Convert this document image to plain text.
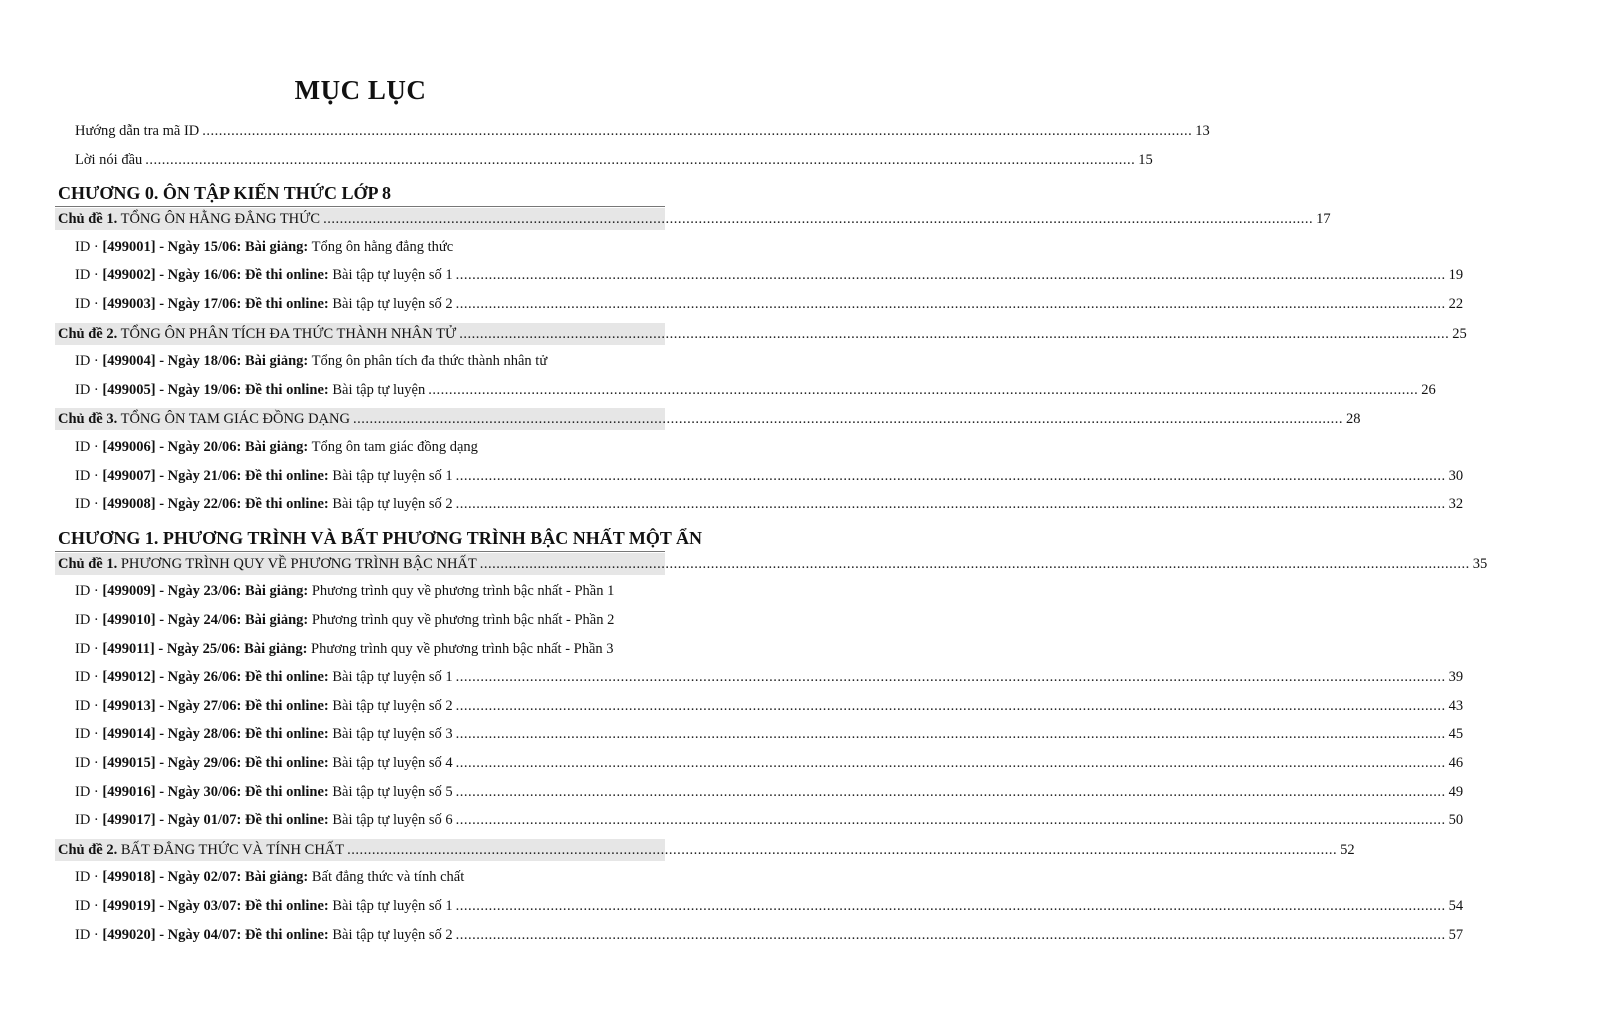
MỤC LỤC
Hướng dẫn tra mã ID .....	13
Lời nói đầu .....	15
CHƯƠNG 0. ÔN TẬP KIẾN THỨC LỚP 8
Chủ đề 1. TỔNG ÔN HẰNG ĐẲNG THỨC .....	17
ID · [499001] - Ngày 15/06: Bài giảng: Tổng ôn hằng đẳng thức
ID · [499002] - Ngày 16/06: Đề thi online: Bài tập tự luyện số 1 .....	19
ID · [499003] - Ngày 17/06: Đề thi online: Bài tập tự luyện số 2 .....	22
Chủ đề 2. TỔNG ÔN PHÂN TÍCH ĐA THỨC THÀNH NHÂN TỬ .....	25
ID · [499004] - Ngày 18/06: Bài giảng: Tổng ôn phân tích đa thức thành nhân tử
ID · [499005] - Ngày 19/06: Đề thi online: Bài tập tự luyện .....	26
Chủ đề 3. TỔNG ÔN TAM GIÁC ĐỒNG DẠNG .....	28
ID · [499006] - Ngày 20/06: Bài giảng: Tổng ôn tam giác đồng dạng
ID · [499007] - Ngày 21/06: Đề thi online: Bài tập tự luyện số 1 .....	30
ID · [499008] - Ngày 22/06: Đề thi online: Bài tập tự luyện số 2 .....	32
CHƯƠNG 1. PHƯƠNG TRÌNH VÀ BẤT PHƯƠNG TRÌNH BẬC NHẤT MỘT ẨN
Chủ đề 1. PHƯƠNG TRÌNH QUY VỀ PHƯƠNG TRÌNH BẬC NHẤT .....	35
ID · [499009] - Ngày 23/06: Bài giảng: Phương trình quy về phương trình bậc nhất - Phần 1
ID · [499010] - Ngày 24/06: Bài giảng: Phương trình quy về phương trình bậc nhất - Phần 2
ID · [499011] - Ngày 25/06: Bài giảng: Phương trình quy về phương trình bậc nhất - Phần 3
ID · [499012] - Ngày 26/06: Đề thi online: Bài tập tự luyện số 1 .....	39
ID · [499013] - Ngày 27/06: Đề thi online: Bài tập tự luyện số 2 .....	43
ID · [499014] - Ngày 28/06: Đề thi online: Bài tập tự luyện số 3 .....	45
ID · [499015] - Ngày 29/06: Đề thi online: Bài tập tự luyện số 4 .....	46
ID · [499016] - Ngày 30/06: Đề thi online: Bài tập tự luyện số 5 .....	49
ID · [499017] - Ngày 01/07: Đề thi online: Bài tập tự luyện số 6 .....	50
Chủ đề 2. BẤT ĐẲNG THỨC VÀ TÍNH CHẤT .....	52
ID · [499018] - Ngày 02/07: Bài giảng: Bất đẳng thức và tính chất
ID · [499019] - Ngày 03/07: Đề thi online: Bài tập tự luyện số 1 .....	54
ID · [499020] - Ngày 04/07: Đề thi online: Bài tập tự luyện số 2 .....	57
